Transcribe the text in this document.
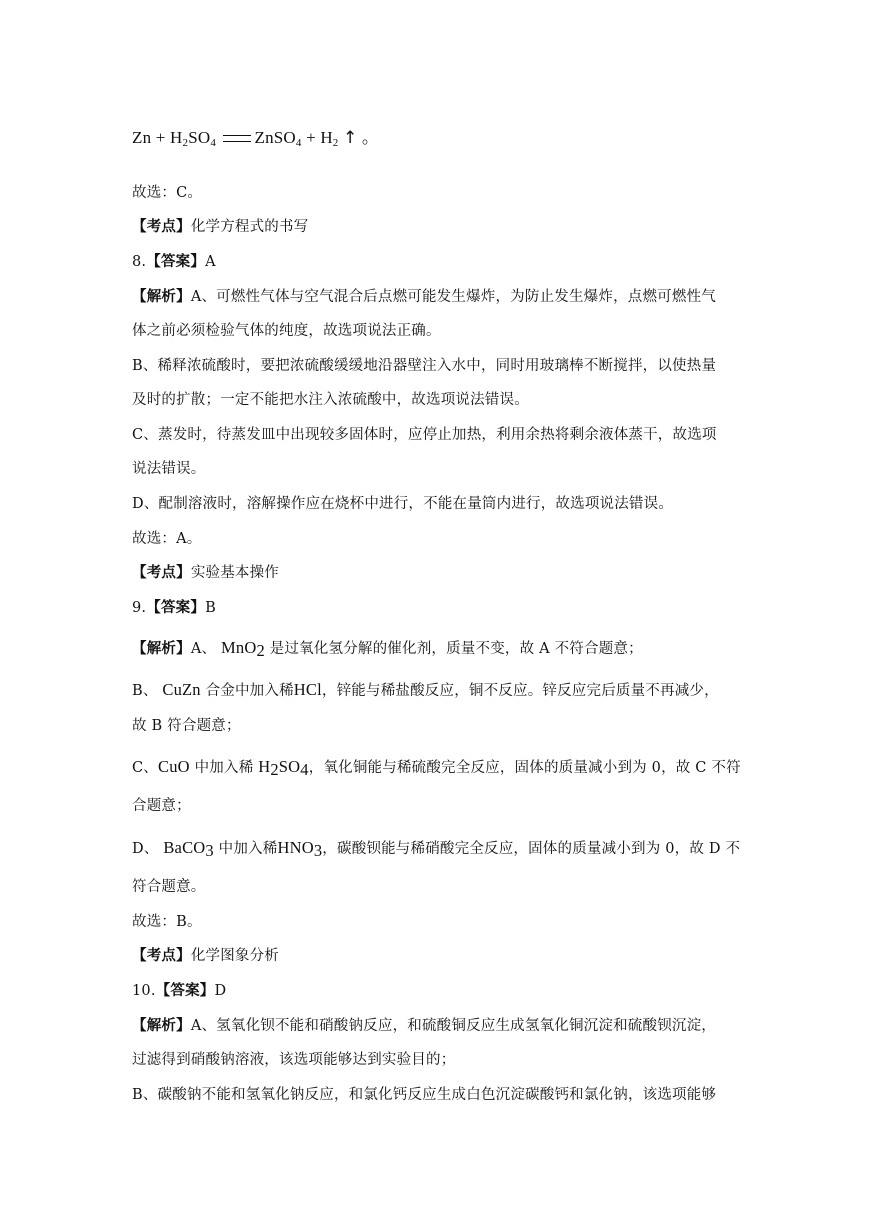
$Zn + H_2SO_4$ ZnSO$_4$ + $H_2$ ↑ 。
故选：C。
【考点】化学方程式的书写
8.【答案】A
【解析】A、可燃性气体与空气混合后点燃可能发生爆炸，为防止发生爆炸，点燃可燃性气
体之前必须检验气体的纯度，故选项说法正确。
B、稀释浓硫酸时，要把浓硫酸缓缓地沿器壁注入水中，同时用玻璃棒不断搅拌，以使热量
及时的扩散；一定不能把水注入浓硫酸中，故选项说法错误。
C、蒸发时，待蒸发皿中出现较多固体时，应停止加热，利用余热将剩余液体蒸干，故选项
说法错误。
D、配制溶液时，溶解操作应在烧杯中进行，不能在量筒内进行，故选项说法错误。
故选：A。
【考点】实验基本操作
9.【答案】B
【解析】A、 MnO$_2$ 是过氧化氢分解的催化剂，质量不变，故 A 不符合题意；
B、 CuZn 合金中加入稀HCl，锌能与稀盐酸反应，铜不反应。锌反应完后质量不再减少，
故 B 符合题意；
C、CuO 中加入稀 $H_2SO_4$，氧化铜能与稀硫酸完全反应，固体的质量减小到为 0，故 C 不符
合题意；
D、 BaCO$_3$ 中加入稀$HNO_3$，碳酸钡能与稀硝酸完全反应，固体的质量减小到为 0，故 D 不
符合题意。
故选：B。
【考点】化学图象分析
10.【答案】D
【解析】A、氢氧化钡不能和硝酸钠反应，和硫酸铜反应生成氢氧化铜沉淀和硫酸钡沉淀，
过滤得到硝酸钠溶液，该选项能够达到实验目的；
B、碳酸钠不能和氢氧化钠反应，和氯化钙反应生成白色沉淀碳酸钙和氯化钠，该选项能够
